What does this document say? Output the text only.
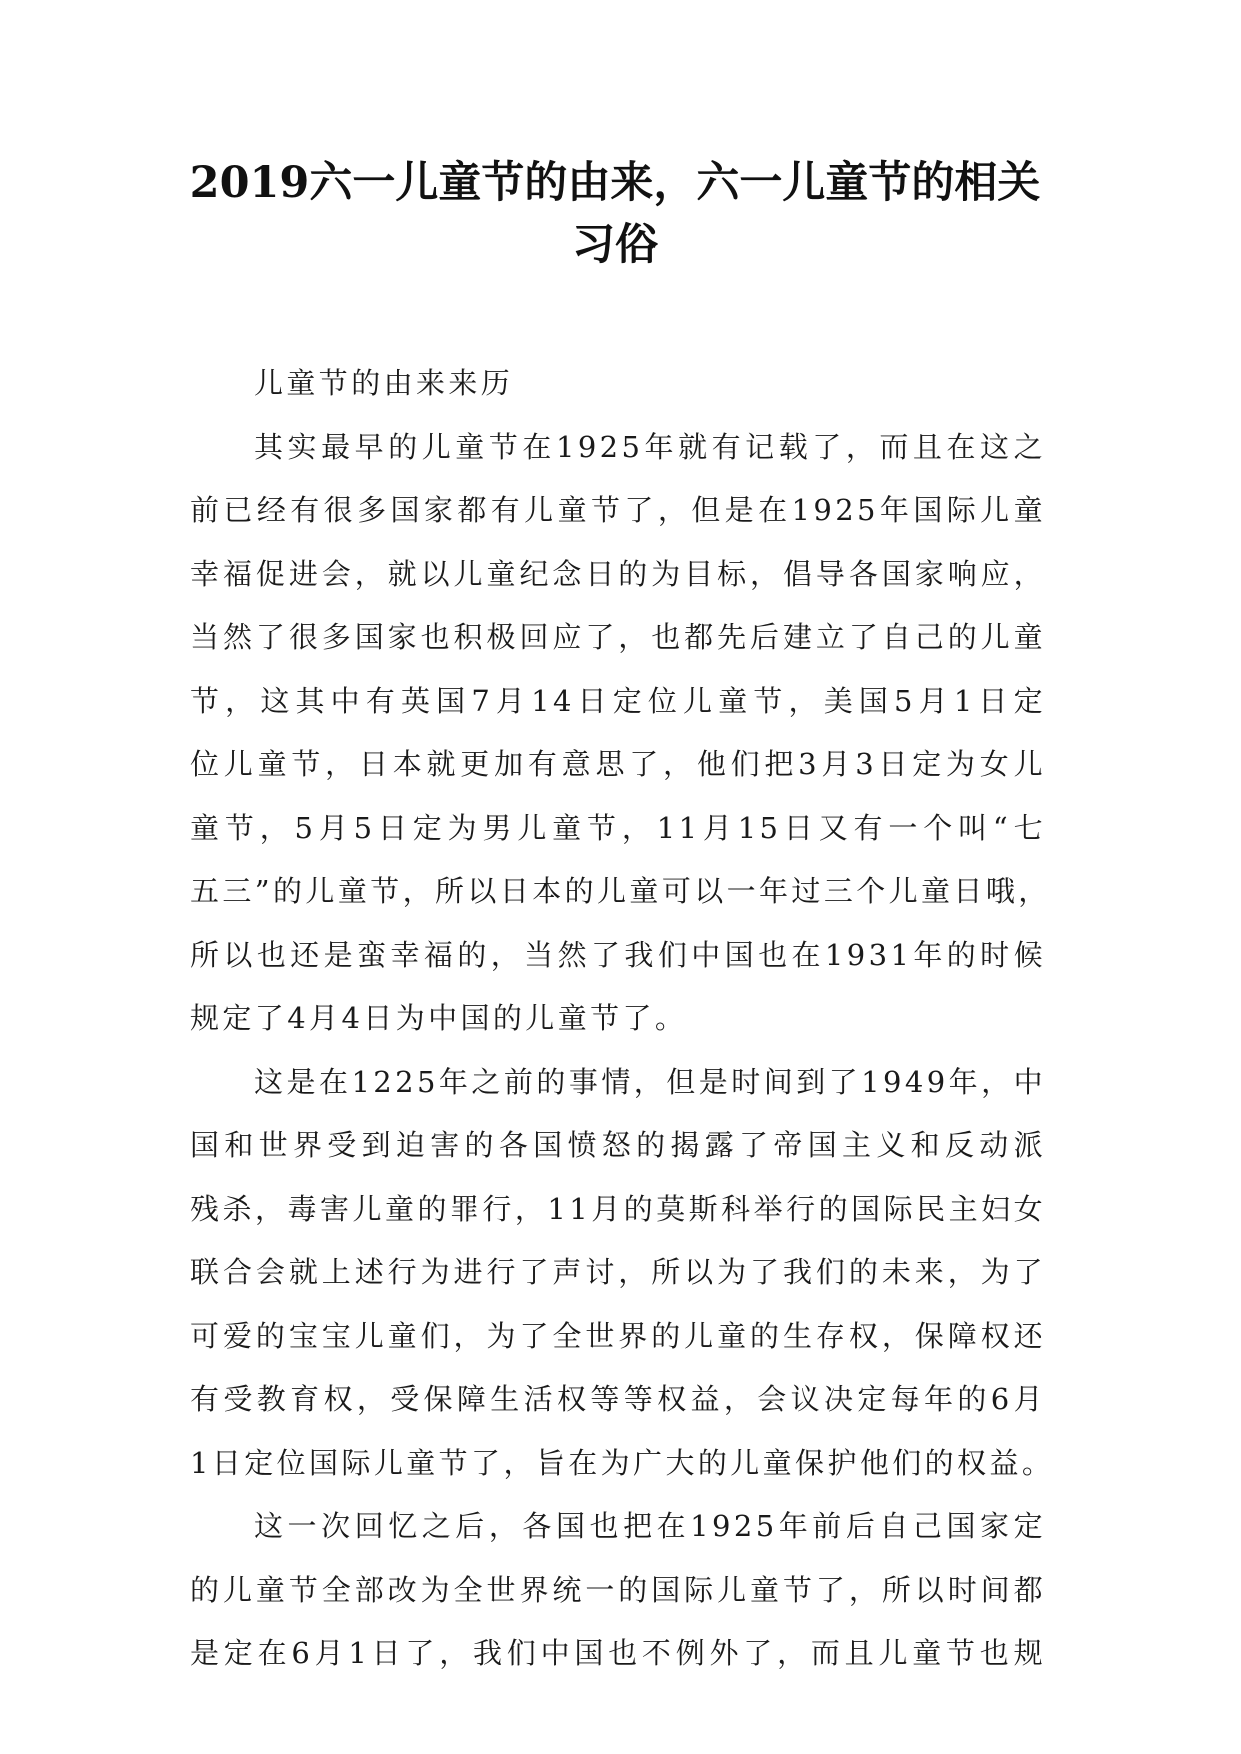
2019六一儿童节的由来，六一儿童节的相关
习俗
儿童节的由来来历
其实最早的儿童节在1925年就有记载了，而且在这之
前已经有很多国家都有儿童节了，但是在1925年国际儿童
幸福促进会，就以儿童纪念日的为目标，倡导各国家响应，
当然了很多国家也积极回应了，也都先后建立了自己的儿童
节，这其中有英国7月14日定位儿童节，美国5月1日定
位儿童节，日本就更加有意思了，他们把3月3日定为女儿
童节，5月5日定为男儿童节，11月15日又有一个叫“七
五三”的儿童节，所以日本的儿童可以一年过三个儿童日哦，
所以也还是蛮幸福的，当然了我们中国也在1931年的时候
规定了4月4日为中国的儿童节了。
这是在1225年之前的事情，但是时间到了1949年，中
国和世界受到迫害的各国愤怒的揭露了帝国主义和反动派
残杀，毒害儿童的罪行，11月的莫斯科举行的国际民主妇女
联合会就上述行为进行了声讨，所以为了我们的未来，为了
可爱的宝宝儿童们，为了全世界的儿童的生存权，保障权还
有受教育权，受保障生活权等等权益，会议决定每年的6月
1日定位国际儿童节了，旨在为广大的儿童保护他们的权益。
这一次回忆之后，各国也把在1925年前后自己国家定
的儿童节全部改为全世界统一的国际儿童节了，所以时间都
是定在6月1日了，我们中国也不例外了，而且儿童节也规
